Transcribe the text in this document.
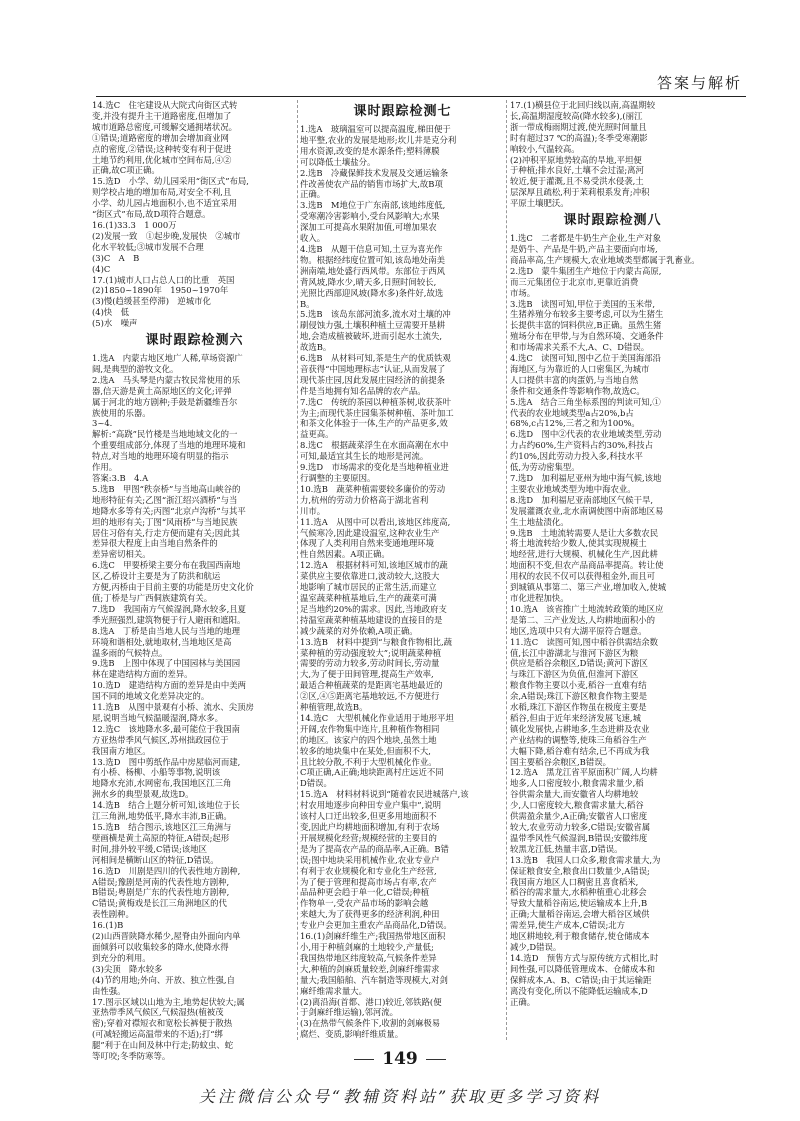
答案与解析
14.选C　住宅建设从大院式向街区式转
变,并没有提升主干道路密度,但增加了
城市道路总密度,可缓解交通拥堵状况。
①错误;道路密度的增加会增加商业网
点的密度,②错误;这种转变有利于促进
土地节约利用,优化城市空间布局,④②
正确,故C项正确。
15.选D　小学、幼儿园采用“街区式”布局,
则学校占地的增加布局,对安全不利,且
小学、幼儿园占地面积小,也不适宜采用
“街区式”布局,故D项符合题意。
16.(1)33.3　1 000万
(2)发展一致　①起步晚,发展快　②城市
化水平较低;③城市发展不合理
(3)C　A　B
(4)C
17.(1)城市人口占总人口的比重　英国
(2)1850~1890年　1950~1970年
(3)慢(趋缓甚至停滞)　逆城市化
(4)快　低
(5)水　噪声
课时跟踪检测六
1.选A　内蒙古地区地广人稀,草场资源广
阔,是典型的游牧文化。
2.选A　马头琴是内蒙古牧民常使用的乐
器,信天游是黄土高原地区的文化;评弹
属于河北的地方剧种;手鼓是新疆维吾尔
族使用的乐器。
3~4.
解析:“高跷”民竹楼是当地地域文化的一
个重要组成部分,体现了当地的地理环境和
特点,对当地的地理环境有明显的指示
作用。
答案:3.B　4.A
5.选B　甲图“秩奈桥”与当地高山峡谷的
地形特征有关;乙图“浙江绍兴酒桥”与当
地降水多等有关;丙图“北京卢沟桥”与其平
坦的地形有关;丁图“风雨桥”与当地民族
居住习俗有关,行走方便而建有关;因此其
差异很大程度上由当地自然条件的
差异密切相关。
6.选C　甲要桥梁主要分布在我国西南地
区,乙桥设计主要是为了防洪和航运
方便,丙桥由于目前主要的功能是历史文化价
值;丁桥是与广西侗族建筑有关。
7.选D　我国南方气候湿润,降水较多,且夏
季光照强烈,建筑物便于行人避雨和遮阳。
8.选A　丁桥是由当地人民与当地的地理
环境和谐相处,就地取材,当地地区是高
温多雨的气候特点。
9.选B　上图中体现了中国园林与美国园
林在建造结构方面的差异。
10.选D　建造结构方面的差异是由中美两
国不同的地域文化差异决定的。
11.选B　从图中景观有小桥、流水、尖顶房
屋,说明当地气候温暖湿润,降水多。
12.选C　该地降水多,最可能位于我国南
方亚热带季风气候区,苏州拙政园位于
我国南方地区。
13.选D　图中剪纸作品中房屋临河而建,
有小桥、杨柳、小船等事物,说明该
地降水充沛,水网密布,我国地区江三角
洲水乡的典型景观,故选D。
14.选B　结合上题分析可知,该地位于长
江三角洲,地势低平,降水丰沛,B正确。
15.选B　结合图示,该地区江三角洲与
壁画横是黄土高原的特征,A错误;起形
时间,排外较平缓,C错误;该地区
河相间是横断山区的特征,D错误。
16.选D　川剧是四川的代表性地方剧种,
A错误;豫剧是河南的代表性地方剧种,
B错误;粤剧是广东的代表性地方剧种,
C错误;黄梅戏是长江三角洲地区的代
表性剧种。
16.(1)B
(2)山西晋陕降水稀少,屋脊由外面向内单
面倾斜可以收集较多的降水,使降水得
到充分的利用。
(3)尖顶　降水较多
(4)节约用地;外向、开放、独立性强,自
由性强。
17.图示区域以山地为主,地势起伏较大;属
亚热带季风气候区,气候湿热(植被茂
密);穿着对襟短衣和宽松长裤便于散热
(可减轻搬运高温带来的不适);打“绑
腿”利于在山间及林中行走;防蚊虫、蛇
等叮咬;冬季防寒等。
课时跟踪检测七
1.选A　玻璃温室可以提高温度,梯田便于
地平整,农业的发展是地形;坎儿井是克分利
用水资源,改变的是水源条件;塑料薄膜
可以降低土壤盐分。
2.选B　冷藏保鲜技术发展及交通运输条
件改善使农产品的销售市场扩大,故B项
正确。
3.选B　M地位于广东南部,该地纬度低,
受寒潮冷害影响小,受台风影响大;水果
深加工可提高水果附加值,可增加果农
收入。
4.选B　从题干信息可知,土豆为喜光作
物。根据经纬度位置可知,该岛地处南美
洲南端,地处盛行西风带。东部位于西风
背风坡,降水少,晴天多,日照时间较长,
光照比西部迎风坡(降水多)条件好,故选
B。
5.选B　该岛东部河流多,流水对土壤的冲
刷侵蚀力强,土壤积种植土豆需要开垦耕
地,会造成植被破坏,进而引起水土流失,
故选B。
6.选B　从材料可知,茶是生产的优质铁观
音获得“中国地理标志”认证,从而发展了
现代茶庄园,因此发展庄园经济的前提条
件是当地拥有知名品牌的农产品。
7.选C　传统的茶园以种植茶树,收获茶叶
为主;而现代茶庄园集茶树种植、茶叶加工
和茶文化体验于一体,生产的产品更多,效
益更高。
8.选C　根据蔬菜浮生在水面高潮在水中
可知,最适宜其生长的地形是河流。
9.选D　市场需求的变化是当地种植业进
行调整的主要原因。
10.选B　蔬菜种植需要较多廉价的劳动
力,杭州的劳动力价格高于湖北省利
川市。
11.选A　从图中可以看出,该地区纬度高,
气候寒冷,因此建设温室,这种农业生产
体现了人类利用自然来变通地理环境
性自然因素。A项正确。
12.选A　根据材料可知,该地区城市的蔬
菜供应主要依靠进口,波动较大,这股大
地影响了城市居民的正常生活,而建立
温室蔬菜种植基地后,生产的蔬菜可满
足当地约20%的需求。因此,当地政府支
持温室蔬菜种植基地建设的直接目的是
减少蔬菜的对外依赖,A项正确。
13.选B　材料中提到“与粮食作物相比,蔬
菜种植的劳动强度较大”;说明蔬菜种植
需要的劳动力较多,劳动时间长,劳动量
大,为了便于田间管理,提高生产效率,
最适合种植蔬菜的是距离宅基地最近的
②区,④⑤距离宅基地较远,不方便进行
种植管理,故选B。
14.选C　大型机械化作业适用于地形平坦
开阔,农作物集中连片,且种植作物相同
的地区。该家户的四个地块,虽然土地
较多的地块集中在某处,但面积不大,
且比较分散,不利于大型机械化作业。
C项正确,A正确;地块距离村庄远近不同
D错误。
15.选A　材料材料说到“随着农民进城落户,该
村农用地逐步向种田专业户集中”,说明
该村人口迁出较多,但更多用地面积不
变,因此户均耕地面积增加,有利于农场
开展规模化经营;规模经营的主要目的
是为了提高农产品的商品率,A正确。B错
误;图中地块采用机械作业,农业专业户
有利于农业规模化和专业化生产经营,
为了便于管理和提高市场占有率,农产
品品种更会趋于单一化,C错误;种植
作物单一,受农产品市场的影响会越
来越大,为了获得更多的经济利润,种田
专业户会更加主重农产品商品化,D错误。
16.(1)剑麻纤维生产;我国热带地区面积
小,用于种植剑麻的土地较少,产量低;
我国热带地区纬度较高,气候条件差异
大,种植的剑麻质量较差,剑麻纤维需求
量大;我国船舶、汽车制造等现模大,对剑
麻纤维需求量大。
(2)离沿海(首都、港口)较近,邻铁路(便
于剑麻纤维运输),邻河流。
(3)在热带气候条件下,收割的剑麻极易
腐烂、变质,影响纤维质量。
17.(1)横县位于北回归线以南,高温期较
长,高温期湿度较高(降水较多),(丽江
浙一带成梅雨期过渡,使光照时间量且
时有超过37 ℃的高温);冬季受寒潮影
响较小,气温较高。
(2)冲积平原地势较高的旱地,平坦便
于种植;排水良好,土壤不会过湿;离河
较近,便于灌溉,且不易受洪水侵袭,土
层深厚且疏松,利于茉莉根系发育;冲积
平原土壤肥沃。
课时跟踪检测八
1.选C　二者都是牛奶生产企业,生产对象
是奶牛、产品是牛奶,产品主要面向市场,
商品率高,生产规模大,农业地域类型都属于乳畜业。
2.选D　蒙牛集团生产地位于内蒙古高原,
而三元集团位于北京市,更靠近消费
市场。
3.选B　读图可知,甲位于美国的玉米带,
生猪养殖分布较多主要考虑,可以为生猪生
长提供丰富的饲料供应,B正确。虽然生猪
殖场分布在甲带,与为自然环境、交通条件
和市场需求关系不大,A、C、D错误。
4.选C　读图可知,图中乙位于美国海部沿
海地区,与为靠近的人口密集区,为城市
人口提供丰富的肉蛋奶,与当地自然
条件和交通条件等影响作物,故选C。
5.选A　结合三角坐标系图的判读可知,①
代表的农业地域类型a占20%,b占
68%,c占12%,三者之和为100%。
6.选D　图中②代表的农业地域类型,劳动
力占约60%,生产资料占约30%,科技占
约10%,因此劳动力投入多,科技水平
低,为劳动密集型。
7.选D　加利福尼亚州为地中海气候,该地
主要农业地域类型为地中海农业。
8.选D　加利福尼亚南部地区气候干旱,
发展灌溉农业,北水南调使图中南部地区易
生土地盐渍化。
9.选B　土地流转需要人是让大多数农民
将土地流转给少数人,使其实现规模土
地经营,进行大规模、机械化生产,因此耕
地面积不变,但农产品商品率提高。转让使
用权的农民不仅可以获得租金外,而且可
到城镇从事第二、第三产业,增加收入,使城
市化进程加快。
10.选A　该省推广土地流转政策的地区应
是第二、三产业发达,人均耕地面积小的
地区,选项中只有大湖平原符合题意。
11.选C　读图可知,图中稻谷供需结余数
值,长江中游湖北与淮河下游区为粮
供应是稻谷余粮区,D错误;黄河下游区
与珠江下游区为负值,但淮河下游区
粮食作物主要以小麦,稻谷一直难有结
余,A错误;珠江下游区粮食作物主要是
水稻,珠江下游区作物虽在极度主要是
稻谷,但由于近年来经济发展飞速,城
镇化发展快,占耕地多,生态进耕及农业
产业结构的调整等,使珠三角稻谷生产
大幅下降,稻谷难有结余,已不再成为我
国主要稻谷余粮区,B错误。
12.选A　黑龙江省平原面积广阔,人均耕
地多,人口密度较小,粮食需求量少,稻
谷供需余量大,而安徽省人均耕地较
少,人口密度较大,粮食需求量大,稻谷
供需盈余量少,A正确;安徽省人口密度
较大,农业劳动力较多,C错误;安徽省属
温带季风性气候湿润,B错误;安徽纬度
较黑龙江低,热量丰富,D错误。
13.选B　我国人口众多,粮食需求量大,为
保证粮食安全,粮食出口数量少,A错误;
我国南方地区人口稠密且喜食稻米,
稻谷的需求量大,水稻种植重心北移会
导致大量稻谷南运,使运输成本上升,B
正确;大量稻谷南运,会增大稻谷区域供
需差异,使生产成本,C错误;北方
地区耕地较,利于粮食储存,使仓储成本
减少,D错误。
14.选D　预售方式与原传统方式相比,时
间性强,可以降低管理成本、仓储成本和
保鲜成本,A、B、C错误;由于其运输距
离没有变化,所以不能降低运输成本,D
正确。
149
关注微信公众号“教辅资料站”获取更多学习资料
